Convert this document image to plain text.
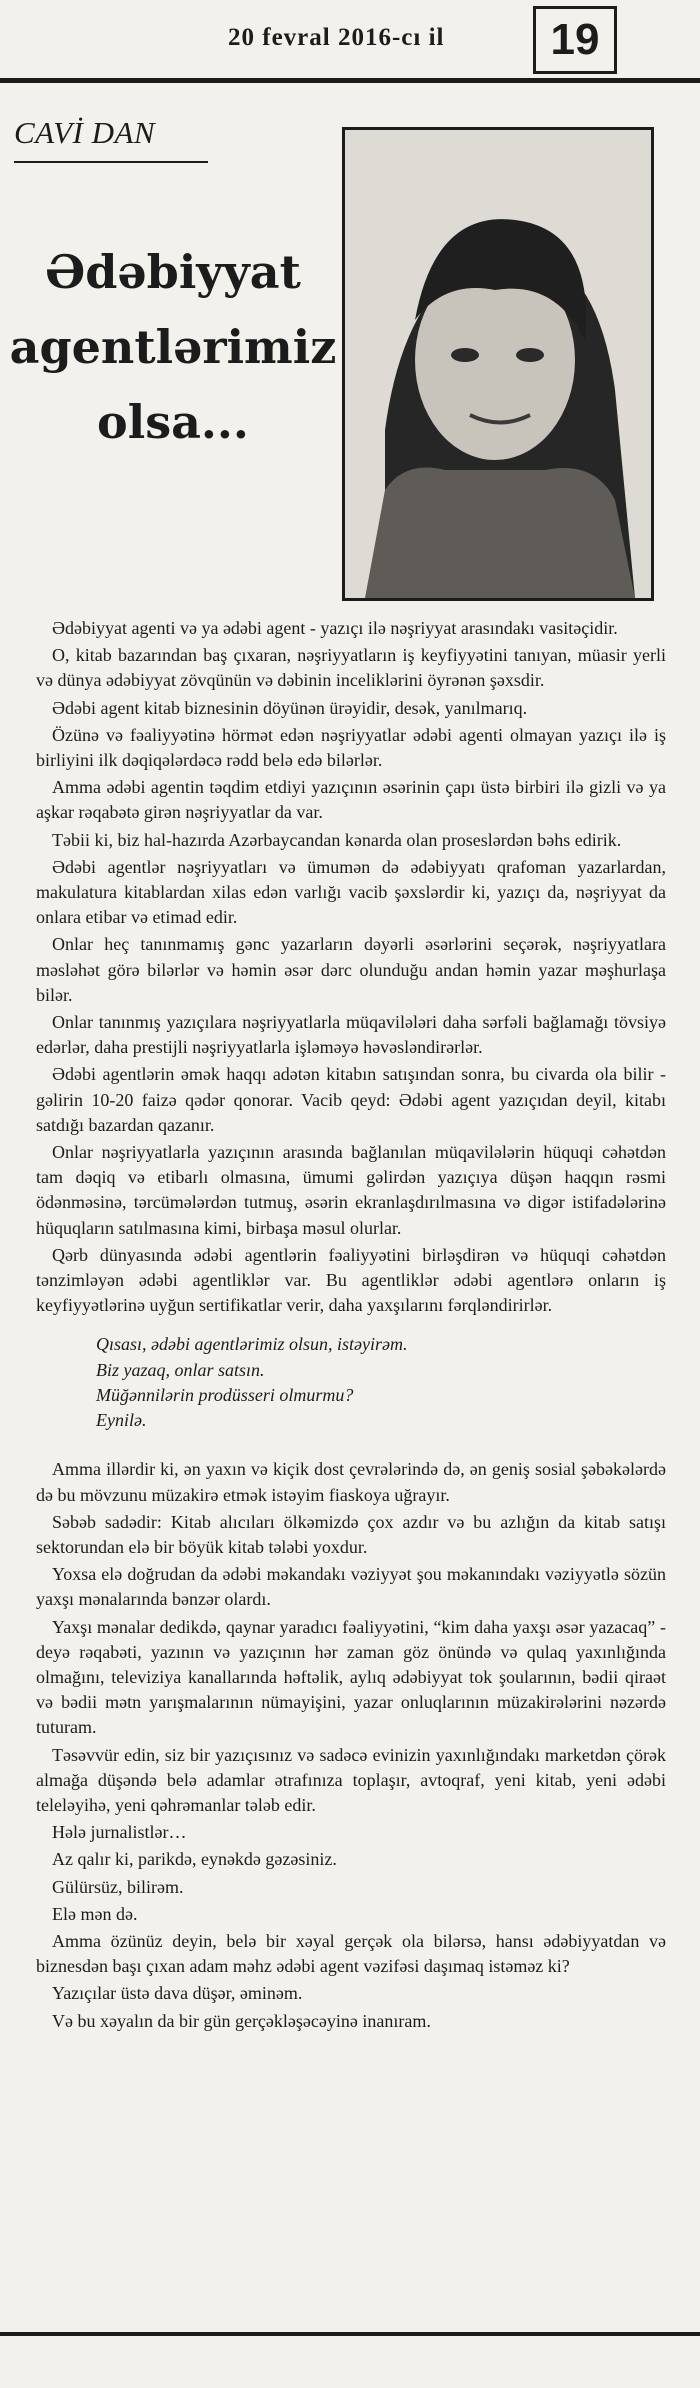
20 fevral 2016-cı il	19
CAVİ DAN
Ədəbiyyat
agentlərimiz
olsa...

Ədəbiyyat agenti və ya ədəbi agent - yazıçı ilə nəşriyyat arasındakı vasitəçidir.

O, kitab bazarından baş çıxaran, nəşriyyatların iş keyfiyyətini tanıyan, müasir yerli və dünya ədəbiyyat zövqünün və dəbinin inceliklərini öyrənən şəxsdir.

Ədəbi agent kitab biznesinin döyünən ürəyidir, desək, yanılmarıq.

Özünə və fəaliyyətinə hörmət edən nəşriyyatlar ədəbi agenti olmayan yazıçı ilə iş birliyini ilk dəqiqələrdəcə rədd belə edə bilərlər.

Amma ədəbi agentin təqdim etdiyi yazıçının əsərinin çapı üstə birbiri ilə gizli və ya aşkar rəqabətə girən nəşriyyatlar da var.

Təbii ki, biz hal-hazırda Azərbaycandan kənarda olan proseslərdən bəhs edirik.

Ədəbi agentlər nəşriyyatları və ümumən də ədəbiyyatı qrafoman yazarlardan, makulatura kitablardan xilas edən varlığı vacib şəxslərdir ki, yazıçı da, nəşriyyat da onlara etibar və etimad edir.

Onlar heç tanınmamış gənc yazarların dəyərli əsərlərini seçərək, nəşriyyatlara məsləhət görə bilərlər və həmin əsər dərc olunduğu andan həmin yazar məşhurlaşa bilər.

Onlar tanınmış yazıçılara nəşriyyatlarla müqavilələri daha sərfəli bağlamağı tövsiyə edərlər, daha prestijli nəşriyyatlarla işləməyə həvəsləndirərlər.

Ədəbi agentlərin əmək haqqı adətən kitabın satışından sonra, bu civarda ola bilir - gəlirin 10-20 faizə qədər qonorar. Vacib qeyd: Ədəbi agent yazıçıdan deyil, kitabı satdığı bazardan qazanır.

Onlar nəşriyyatlarla yazıçının arasında bağlanılan müqavilələrin hüquqi cəhətdən tam dəqiq və etibarlı olmasına, ümumi gəlirdən yazıçıya düşən haqqın rəsmi ödənməsinə, tərcümələrdən tutmuş, əsərin ekranlaşdırılmasına və digər istifadələrinə hüquqların satılmasına kimi, birbaşa məsul olurlar.

Qərb dünyasında ədəbi agentlərin fəaliyyətini birləşdirən və hüquqi cəhətdən tənzimləyən ədəbi agentliklər var. Bu agentliklər ədəbi agentlərə onların iş keyfiyyətlərinə uyğun sertifikatlar verir, daha yaxşılarını fərqləndirirlər.

Qısası, ədəbi agentlərimiz olsun, istəyirəm.
Biz yazaq, onlar satsın.
Müğənnilərin prodüsseri olmurmu?
Eynilə.

Amma illərdir ki, ən yaxın və kiçik dost çevrələrində də, ən geniş sosial şəbəkələrdə də bu mövzunu müzakirə etmək istəyim fiaskoya uğrayır.

Səbəb sadədir: Kitab alıcıları ölkəmizdə çox azdır və bu azlığın da kitab satışı sektorundan elə bir böyük kitab tələbi yoxdur.

Yoxsa elə doğrudan da ədəbi məkandakı vəziyyət şou məkanındakı vəziyyətlə sözün yaxşı mənalarında bənzər olardı.

Yaxşı mənalar dedikdə, qaynar yaradıcı fəaliyyətini, “kim daha yaxşı əsər yazacaq” - deyə rəqabəti, yazının və yazıçının hər zaman göz önündə və qulaq yaxınlığında olmağını, televiziya kanallarında həftəlik, aylıq ədəbiyyat tok şoularının, bədii qiraət və bədii mətn yarışmalarının nümayişini, yazar onluqlarının müzakirələrini nəzərdə tuturam.

Təsəvvür edin, siz bir yazıçısınız və sadəcə evinizin yaxınlığındakı marketdən çörək almağa düşəndə belə adamlar ətrafınıza toplaşır, avtoqraf, yeni kitab, yeni ədəbi teleləyihə, yeni qəhrəmanlar tələb edir.

Hələ jurnalistlər…

Az qalır ki, parikdə, eynəkdə gəzəsiniz.

Gülürsüz, bilirəm.

Elə mən də.

Amma özünüz deyin, belə bir xəyal gerçək ola bilərsə, hansı ədəbiyyatdan və biznesdən başı çıxan adam məhz ədəbi agent vəzifəsi daşımaq istəməz ki?

Yazıçılar üstə dava düşər, əminəm.

Və bu xəyalın da bir gün gerçəkləşəcəyinə inanıram.
